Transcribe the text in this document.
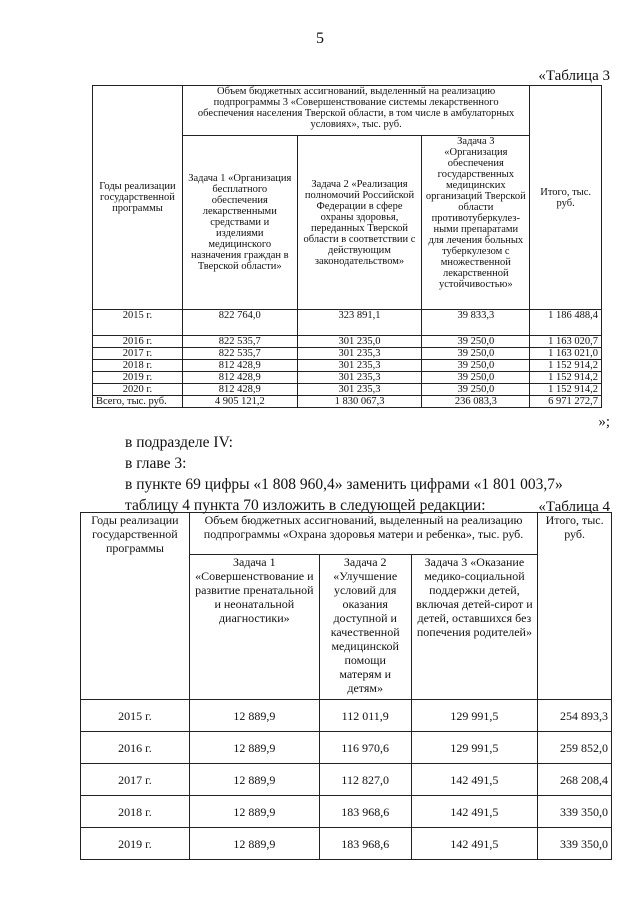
5
«Таблица 3
Годы реализации государственной программы	Объем бюджетных ассигнований, выделенный на реализацию подпрограммы 3 «Совершенствование системы лекарственного обеспечения населения Тверской области, в том числе в амбулаторных условиях», тыс. руб.			Итого, тыс. руб.
	Задача 1 «Организация бесплатного обеспечения лекарственными средствами и изделиями медицинского назначения граждан в Тверской области»	Задача 2 «Реализация полномочий Российской Федерации в сфере охраны здоровья, переданных Тверской области в соответствии с действующим законодательством»	Задача 3 «Организация обеспечения государственных медицинских организаций Тверской области противотуберкулез-ными препаратами для лечения больных туберкулезом с множественной лекарственной устойчивостью»	
2015 г.	822 764,0	323 891,1	39 833,3	1 186 488,4
2016 г.	822 535,7	301 235,0	39 250,0	1 163 020,7
2017 г.	822 535,7	301 235,3	39 250,0	1 163 021,0
2018 г.	812 428,9	301 235,3	39 250,0	1 152 914,2
2019 г.	812 428,9	301 235,3	39 250,0	1 152 914,2
2020 г.	812 428,9	301 235,3	39 250,0	1 152 914,2
Всего, тыс. руб.	4 905 121,2	1 830 067,3	236 083,3	6 971 272,7
»;
в подразделе IV:
в главе 3:
в пункте 69 цифры «1 808 960,4» заменить цифрами «1 801 003,7»
таблицу 4 пункта 70 изложить в следующей редакции:	«Таблица 4
Годы реализации государственной программы	Объем бюджетных ассигнований, выделенный на реализацию подпрограммы «Охрана здоровья матери и ребенка», тыс. руб.			Итого, тыс. руб.
	Задача 1 «Совершенствование и развитие пренатальной и неонатальной диагностики»	Задача 2 «Улучшение условий для оказания доступной и качественной медицинской помощи матерям и детям»	Задача 3 «Оказание медико-социальной поддержки детей, включая детей-сирот и детей, оставшихся без попечения родителей»	
2015 г.	12 889,9	112 011,9	129 991,5	254 893,3
2016 г.	12 889,9	116 970,6	129 991,5	259 852,0
2017 г.	12 889,9	112 827,0	142 491,5	268 208,4
2018 г.	12 889,9	183 968,6	142 491,5	339 350,0
2019 г.	12 889,9	183 968,6	142 491,5	339 350,0
